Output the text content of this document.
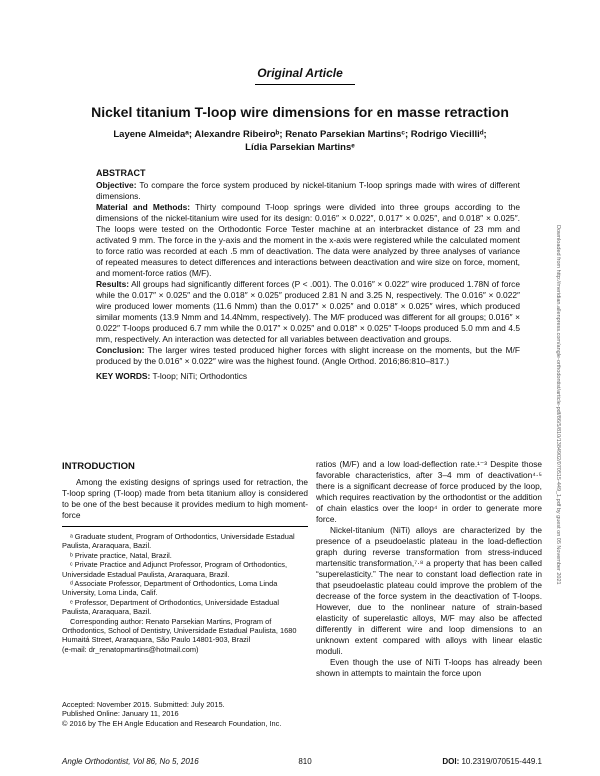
Original Article
Nickel titanium T-loop wire dimensions for en masse retraction
Layene Almeidaᵃ; Alexandre Ribeiroᵇ; Renato Parsekian Martinsᶜ; Rodrigo Viecilliᵈ;
Lídia Parsekian Martinsᵉ
ABSTRACT

Objective: To compare the force system produced by nickel-titanium T-loop springs made with wires of different dimensions.

Material and Methods: Thirty compound T-loop springs were divided into three groups according to the dimensions of the nickel-titanium wire used for its design: 0.016″ × 0.022″, 0.017″ × 0.025″, and 0.018″ × 0.025″. The loops were tested on the Orthodontic Force Tester machine at an interbracket distance of 23 mm and activated 9 mm. The force in the y-axis and the moment in the x-axis were registered while the calculated moment to force ratio was recorded at each .5 mm of deactivation. The data were analyzed by three analyses of variance of repeated measures to detect differences and interactions between deactivation and wire size on force, moment, and moment-force ratios (M/F).

Results: All groups had significantly different forces (P < .001). The 0.016″ × 0.022″ wire produced 1.78N of force while the 0.017″ × 0.025″ and the 0.018″ × 0.025″ produced 2.81 N and 3.25 N, respectively. The 0.016″ × 0.022″ wire produced lower moments (11.6 Nmm) than the 0.017″ × 0.025″ and 0.018″ × 0.025″ wires, which produced similar moments (13.9 Nmm and 14.4Nmm, respectively). The M/F produced was different for all groups; 0.016″ × 0.022″ T-loops produced 6.7 mm while the 0.017″ × 0.025″ and 0.018″ × 0.025″ T-loops produced 5.0 mm and 4.5 mm, respectively. An interaction was detected for all variables between deactivation and groups.

Conclusion: The larger wires tested produced higher forces with slight increase on the moments, but the M/F produced by the 0.016″ × 0.022″ wire was the highest found. (Angle Orthod. 2016;86:810–817.)

KEY WORDS: T-loop; NiTi; Orthodontics	Downloaded from http://meridian.allenpress.com/angle-orthodontist/article-pdf/86/5/810/1384902/070515-449_1.pdf by guest on 05 November 2021
INTRODUCTION

Among the existing designs of springs used for retraction, the T-loop spring (T-loop) made from beta titanium alloy is considered to be one of the best because it provides medium to high moment-force

ᵃ Graduate student, Program of Orthodontics, Universidade Estadual Paulista, Araraquara, Bazil.

ᵇ Private practice, Natal, Brazil.

ᶜ Private Practice and Adjunct Professor, Program of Orthodontics, Universidade Estadual Paulista, Araraquara, Brazil.

ᵈ Associate Professor, Department of Orthodontics, Loma Linda University, Loma Linda, Calif.

ᵉ Professor, Department of Orthodontics, Universidade Estadual Paulista, Araraquara, Bazil.

Corresponding author: Renato Parsekian Martins, Program of Orthodontics, School of Dentistry, Universidade Estadual Paulista, 1680 Humaitá Street, Araraquara, São Paulo 14801-903, Brazil

(e-mail: dr_renatopmartins@hotmail.com)

Accepted: November 2015. Submitted: July 2015.

Published Online: January 11, 2016

© 2016 by The EH Angle Education and Research Foundation, Inc.

ratios (M/F) and a low load-deflection rate.¹⁻³ Despite those favorable characteristics, after 3–4 mm of deactivation⁴·⁵ there is a significant decrease of force produced by the loop, which requires reactivation by the orthodontist or the addition of chain elastics over the loop⁴ in order to generate more force.

Nickel-titanium (NiTi) alloys are characterized by the presence of a pseudoelastic plateau in the load-deflection graph during reverse transformation from stress-induced martensitic transformation,⁷·⁸ a property that has been called “superelasticity.” The near to constant load deflection rate in that pseudoelastic plateau could improve the problem of the decrease of the force system in the deactivation of T-loops. However, due to the nonlinear nature of strain-based elasticity of superelastic alloys, M/F may also be affected differently in different wire and loop dimensions to an unknown extent compared with alloys with linear elastic moduli.

Even though the use of NiTi T-loops has already been shown in attempts to maintain the force upon

Angle Orthodontist, Vol 86, No 5, 2016	810	DOI: 10.2319/070515-449.1
